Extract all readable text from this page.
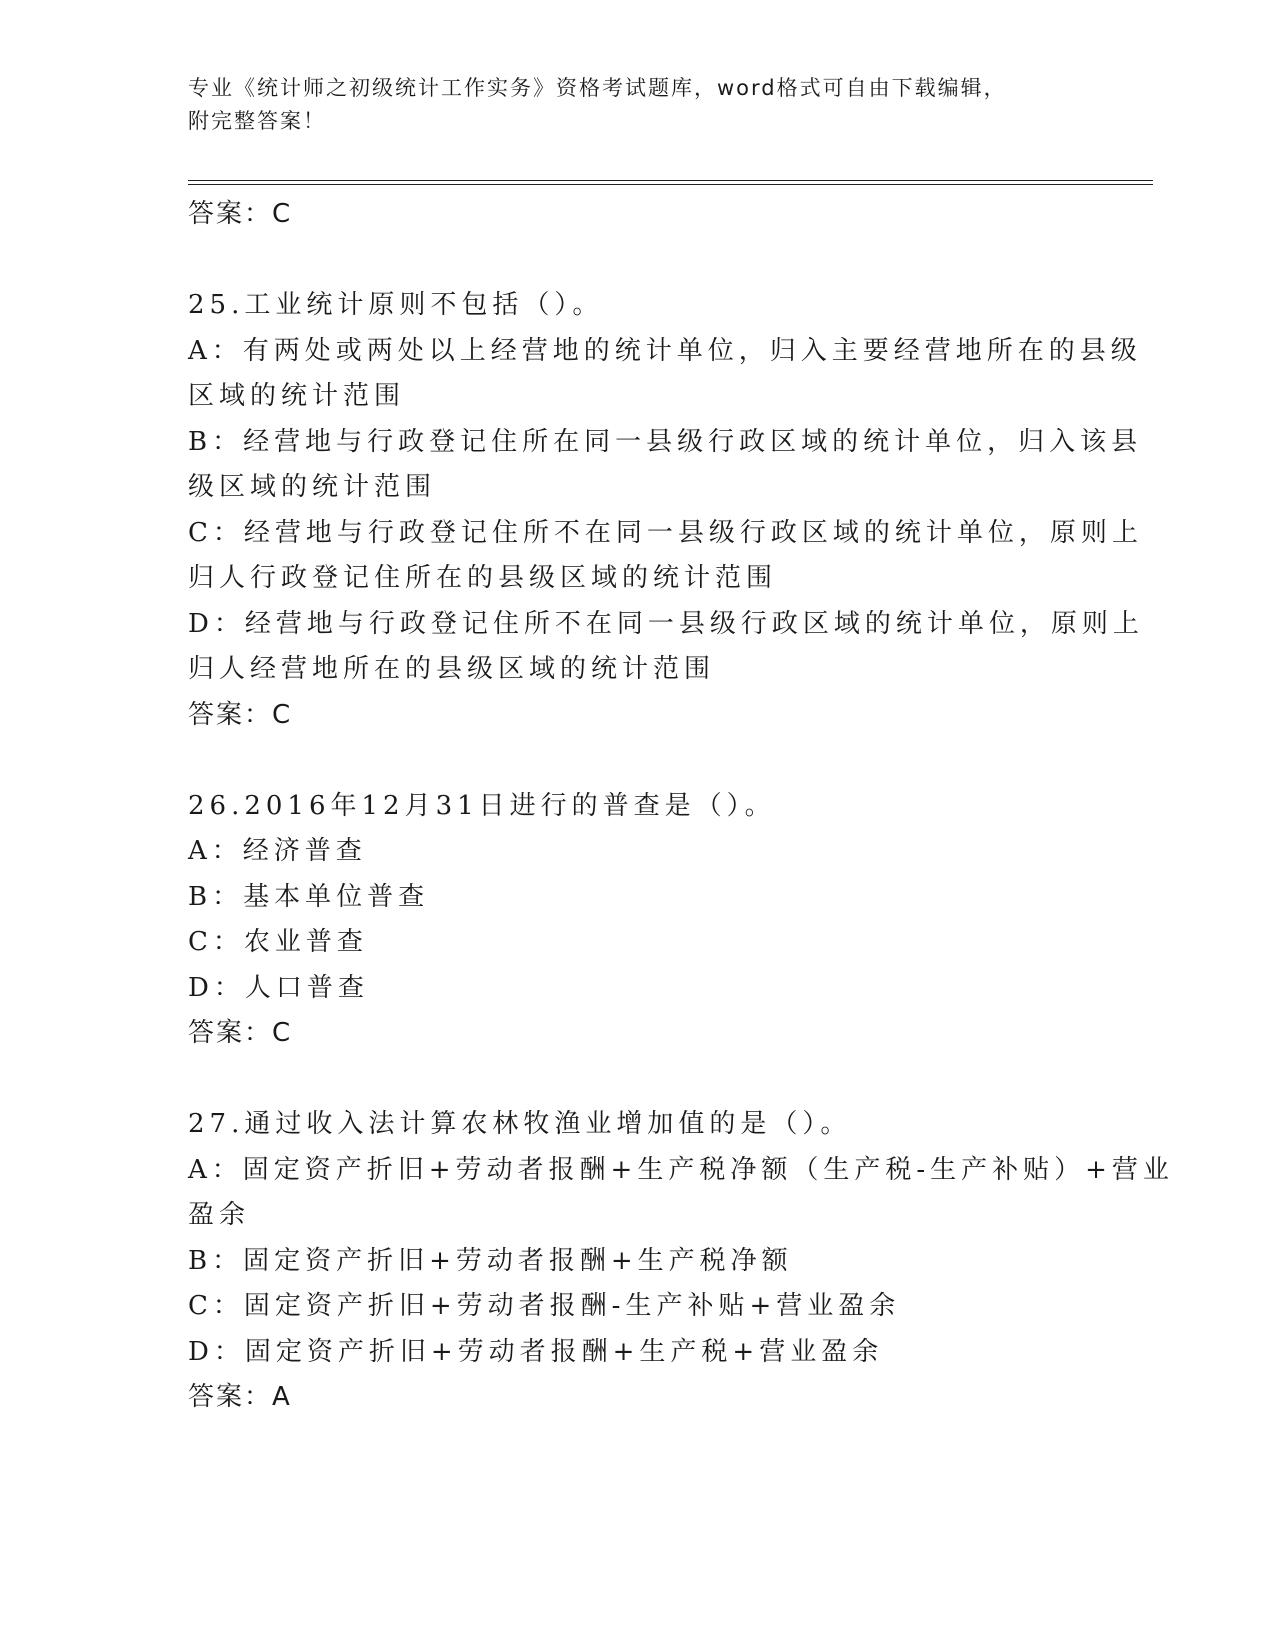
专业《统计师之初级统计工作实务》资格考试题库，word格式可自由下载编辑，
附完整答案！
答案：C
25.工业统计原则不包括（）。
A：有两处或两处以上经营地的统计单位，归入主要经营地所在的县级
区域的统计范围
B：经营地与行政登记住所在同一县级行政区域的统计单位，归入该县
级区域的统计范围
C：经营地与行政登记住所不在同一县级行政区域的统计单位，原则上
归人行政登记住所在的县级区域的统计范围
D：经营地与行政登记住所不在同一县级行政区域的统计单位，原则上
归人经营地所在的县级区域的统计范围
答案：C
26.2016年12月31日进行的普查是（）。
A：经济普查
B：基本单位普查
C：农业普查
D：人口普查
答案：C
27.通过收入法计算农林牧渔业增加值的是（）。
A：固定资产折旧+劳动者报酬+生产税净额（生产税-生产补贴）+营业
盈余
B：固定资产折旧+劳动者报酬+生产税净额
C：固定资产折旧+劳动者报酬-生产补贴+营业盈余
D：固定资产折旧+劳动者报酬+生产税+营业盈余
答案：A
